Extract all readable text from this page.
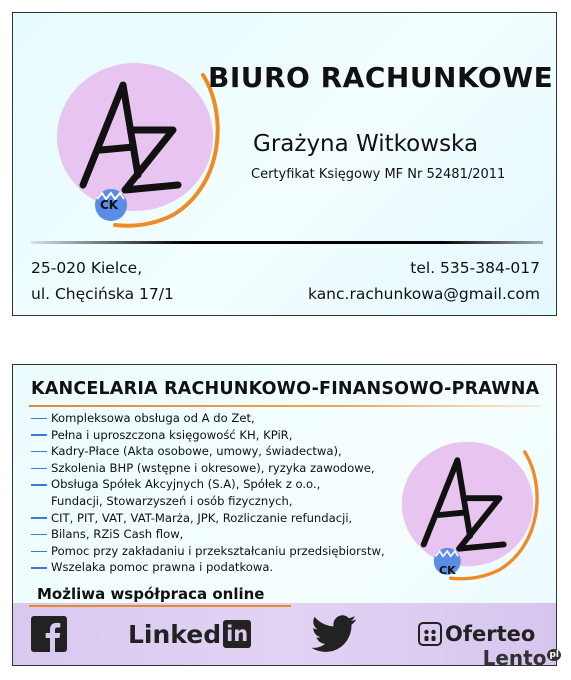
CK
BIURO RACHUNKOWE
Grażyna Witkowska
Certyfikat Księgowy MF Nr 52481/2011
25-020 Kielce,
ul. Chęcińska 17/1
tel. 535-384-017
kanc.rachunkowa@gmail.com
KANCELARIA RACHUNKOWO-FINANSOWO-PRAWNA
Kompleksowa obsługa od A do Zet,
Pełna i uproszczona księgowość KH, KPiR,
Kadry-Płace (Akta osobowe, umowy, świadectwa),
Szkolenia BHP (wstępne i okresowe), ryzyka zawodowe,
Obsługa Spółek Akcyjnych (S.A), Spółek z o.o.,
Fundacji, Stowarzyszeń i osób fizycznych,
CIT, PIT, VAT, VAT-Marża, JPK, Rozliczanie refundacji,
Bilans, RZiS Cash flow,
Pomoc przy zakładaniu i przekształcaniu przedsiębiorstw,
Wszelaka pomoc prawna i podatkowa.	CK
Linked in	Oferteo
Możliwa współpraca online
Lento $^{pl}$
